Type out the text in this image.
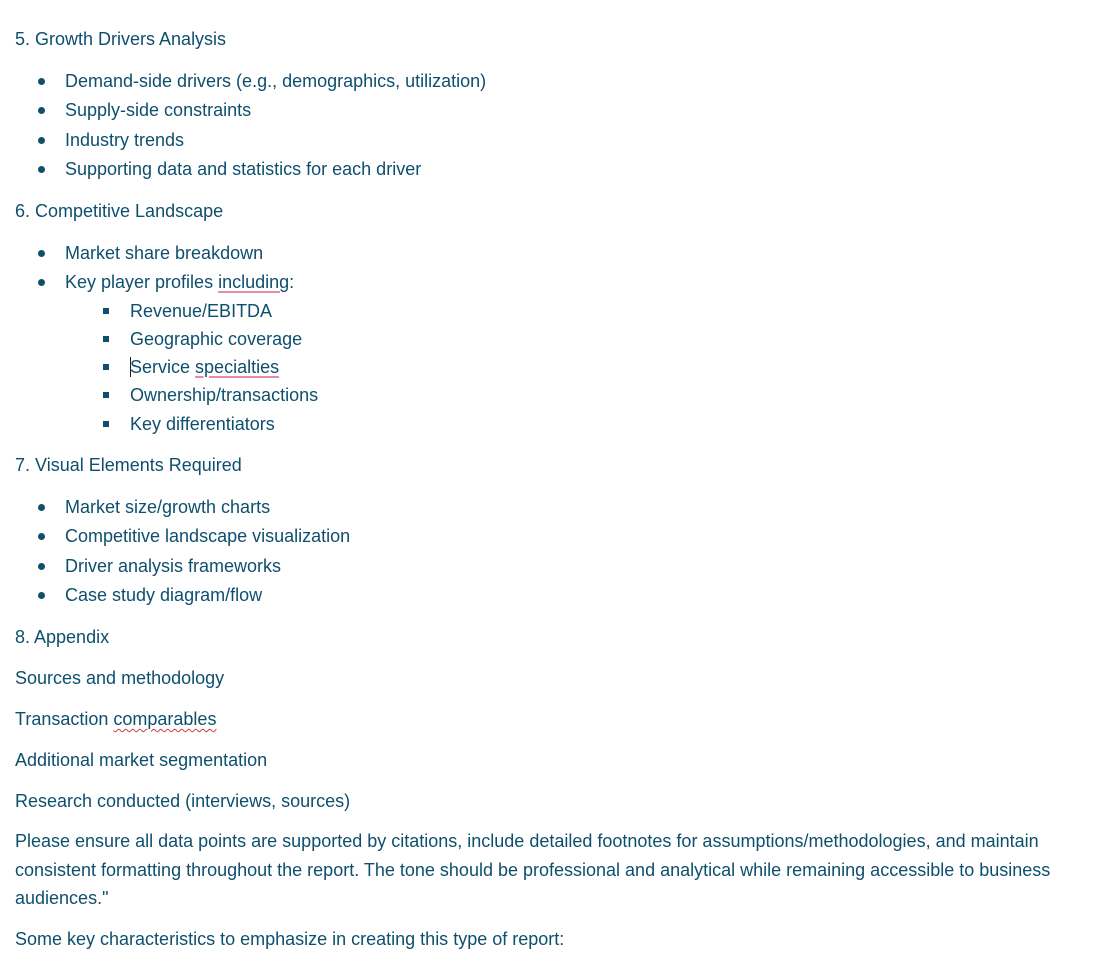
5. Growth Drivers Analysis
Demand-side drivers (e.g., demographics, utilization)
Supply-side constraints
Industry trends
Supporting data and statistics for each driver
6. Competitive Landscape
Market share breakdown
Key player profiles including:
Revenue/EBITDA
Geographic coverage
Service specialties
Ownership/transactions
Key differentiators
7. Visual Elements Required
Market size/growth charts
Competitive landscape visualization
Driver analysis frameworks
Case study diagram/flow
8. Appendix
Sources and methodology
Transaction comparables
Additional market segmentation
Research conducted (interviews, sources)
Please ensure all data points are supported by citations, include detailed footnotes for assumptions/methodologies, and maintain consistent formatting throughout the report. The tone should be professional and analytical while remaining accessible to business audiences."
Some key characteristics to emphasize in creating this type of report:
